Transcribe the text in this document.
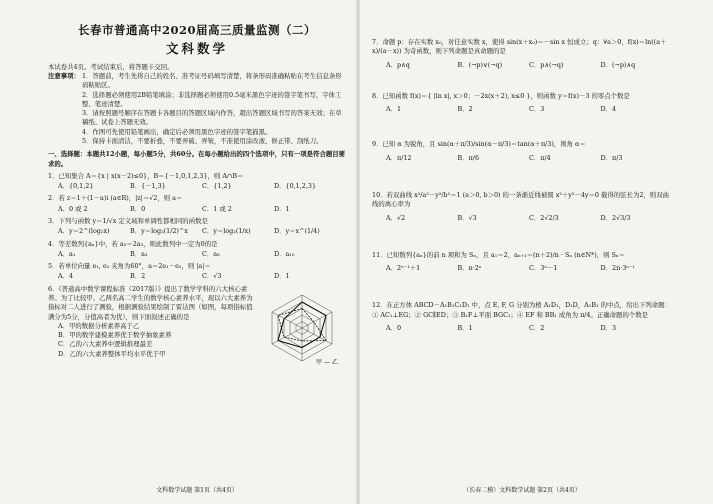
长春市普通高中2020届高三质量监测（二）
文科数学

本试卷共4页。考试结束后，将答题卡交回。

注意事项： 1．答题前，考生先将自己的姓名、准考证号码填写清楚，将条形码准确粘贴在考生信息条形码粘贴区。
2．选择题必须使用2B铅笔填涂；非选择题必须使用0.5毫米黑色字迹的签字笔书写，字体工整、笔迹清楚。
3．请按照题号顺序在答题卡各题目的答题区域内作答，超出答题区域书写的答案无效；在草稿纸、试卷上答题无效。
4．作图可先使用铅笔画出，确定后必须用黑色字迹的签字笔描黑。
5．保持卡面清洁，不要折叠，不要弄破、弄皱，不准使用涂改液、修正带、刮纸刀。
一、选择题：本题共12小题，每小题5分，共60分。在每小题给出的四个选项中，只有一项是符合题目要求的。
1．已知集合 A＝{x | x(x－2)≤0}，B＝{－1,0,1,2,3}，则 A∩B＝
A．{0,1,2}	B．{－1,3}	C．{1,2}	D．{0,1,2,3}
2．若 z＝1＋(1－a)i (a∈R)，|z|＝√2，则 a＝
A．0 或 2	B．0	C．1 或 2	D．1
3．下列与函数 y＝1/√x 定义域和单调性都相同的函数是
A．y＝2^(log₂x)	B．y＝log₂(1/2)^x	C．y＝log₂(1/x)	D．y＝x^(1/4)
4．等差数列{aₙ}中，若 a₅＝2a₃，则此数列中一定为0的是
A．a₁	B．a₃	C．a₈	D．a₁₀
5．若单位向量 e₁, e₂ 夹角为60°，a＝2e₁－e₂，则 |a|＝
A．4	B．2	C．√3	D．1
6．《普通高中数学课程标准（2017版）》提出了数学学科的六大核心素养。为了比较甲、乙两名高二学生的数学核心素养水平，现以六大素养为指标对二人进行了测验，根据测验结果绘制了雷达图（如图，每项指标值满分为5分，分值高者为优），则下面叙述正确的是
A．甲的数据分析素养高于乙
B．甲的数学建模素养优于数学抽象素养
C．乙的六大素养中逻辑推理最差
D．乙的六大素养整体平均水平优于甲
甲 — 乙
文科数学试题 第1页（共4页）
7．命题 p：存在实数 x₀，对任意实数 x，使得 sin(x＋x₀)＝－sin x 恒成立；q：∀a＞0，f(x)＝ln((a＋x)/(a－x)) 为奇函数，则下列命题是真命题的是
A．p∧q	B．(¬p)∨(¬q)	C．p∧(¬q)	D．(¬p)∧q
8．已知函数 f(x)＝{ |ln x|, x＞0；－2x(x＋2), x≤0 }，则函数 y＝f(x)－3 的零点个数是
A．1	B．2	C．3	D．4
9．已知 α 为锐角，且 sin(α＋π/3)/sin(α－π/3)＝tan(α＋π/3)，则角 α＝
A．π/12	B．π/6	C．π/4	D．π/3
10．若双曲线 x²/a²－y²/b²＝1 (a＞0, b＞0) 的一条渐近线被圆 x²＋y²－4y＝0 截得的弦长为2，则双曲线的离心率为
A．√2	B．√3	C．2√2/3	D．2√3/3
11．已知数列{aₙ}的前 n 项和为 Sₙ，且 a₁＝2，aₙ₊₁＝(n＋2)/n · Sₙ (n∈N*)，则 Sₙ＝
A．2ⁿ⁻¹＋1	B．n·2ⁿ	C．3ⁿ－1	D．2n·3ⁿ⁻¹
12．在正方体 ABCD－A₁B₁C₁D₁ 中，点 E, F, G 分别为棱 A₁D₁，D₁D，A₁B₁ 的中点，给出下列命题：① AC₁⊥EG；② GC∥ED；③ B₁F⊥平面 BGC₁；④ EF 和 BB₁ 成角为 π/4。正确命题的个数是
A．0	B．1	C．2	D．3
（长春二模）文科数学试题 第2页（共4页）
